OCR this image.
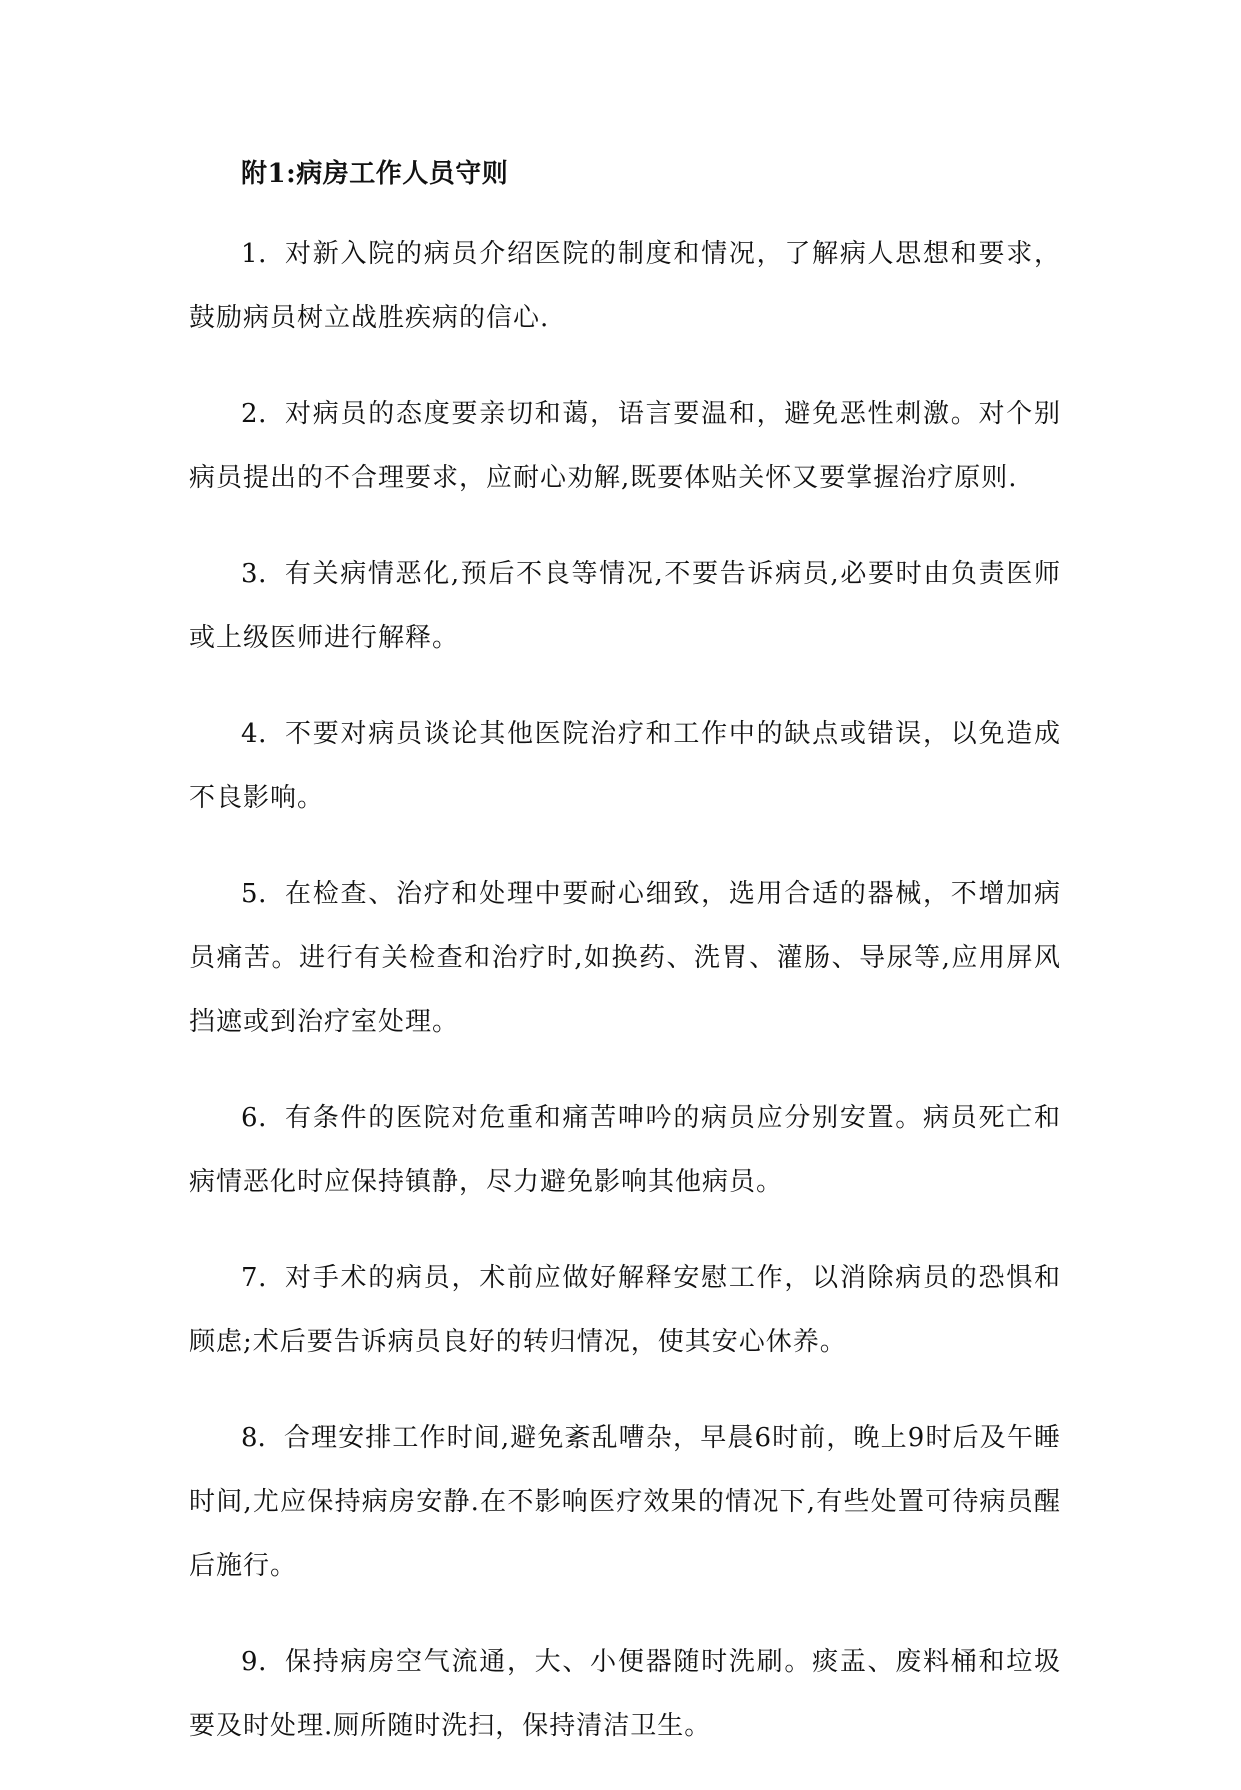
附1:病房工作人员守则

1．对新入院的病员介绍医院的制度和情况，了解病人思想和要求，鼓励病员树立战胜疾病的信心.

2．对病员的态度要亲切和蔼，语言要温和，避免恶性刺激。对个别病员提出的不合理要求，应耐心劝解,既要体贴关怀又要掌握治疗原则.

3．有关病情恶化,预后不良等情况,不要告诉病员,必要时由负责医师或上级医师进行解释。

4．不要对病员谈论其他医院治疗和工作中的缺点或错误，以免造成不良影响。

5．在检查、治疗和处理中要耐心细致，选用合适的器械，不增加病员痛苦。进行有关检查和治疗时,如换药、洗胃、灌肠、导尿等,应用屏风挡遮或到治疗室处理。

6．有条件的医院对危重和痛苦呻吟的病员应分别安置。病员死亡和病情恶化时应保持镇静，尽力避免影响其他病员。

7．对手术的病员，术前应做好解释安慰工作，以消除病员的恐惧和顾虑;术后要告诉病员良好的转归情况，使其安心休养。

8．合理安排工作时间,避免紊乱嘈杂，早晨6时前，晚上9时后及午睡时间,尤应保持病房安静.在不影响医疗效果的情况下,有些处置可待病员醒后施行。

9．保持病房空气流通，大、小便器随时洗刷。痰盂、废料桶和垃圾要及时处理.厕所随时洗扫，保持清洁卫生。
